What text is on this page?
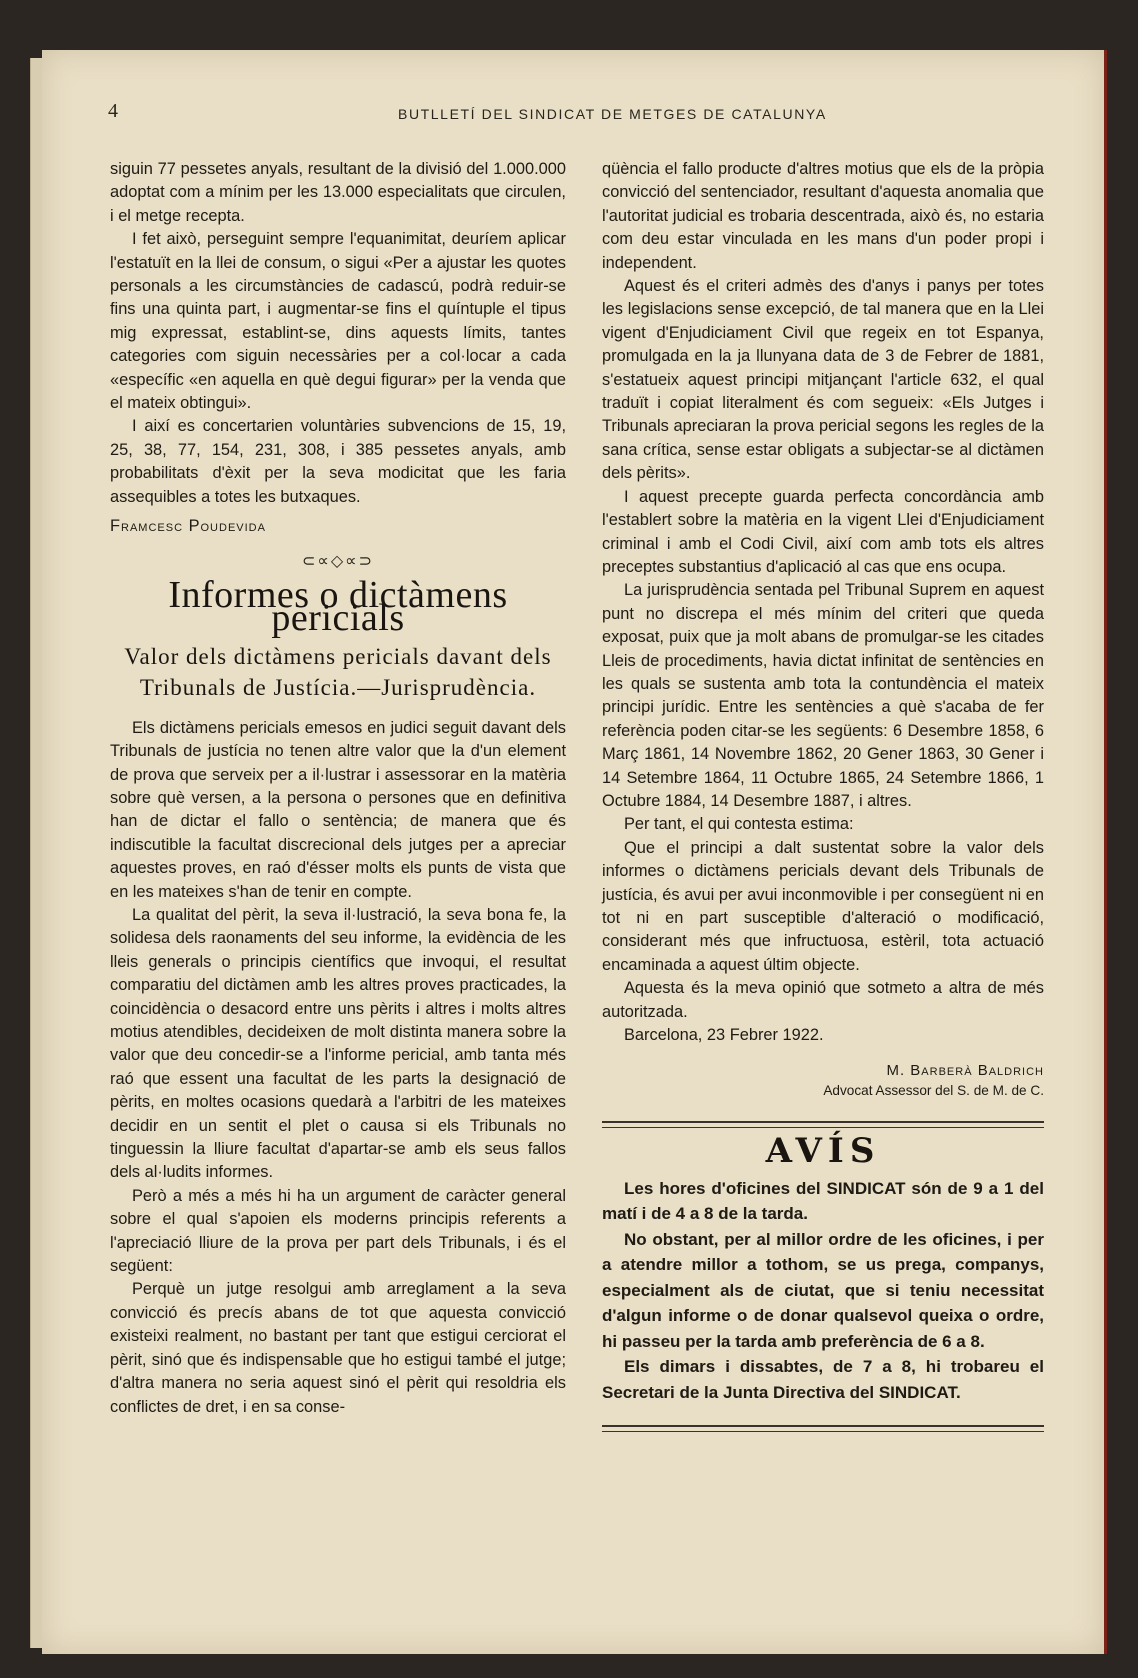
4	BUTLLETÍ DEL SINDICAT DE METGES DE CATALUNYA

siguin 77 pessetes anyals, resultant de la divisió del 1.000.000 adoptat com a mínim per les 13.000 especialitats que circulen, i el metge recepta.

I fet això, perseguint sempre l'equanimitat, deuríem aplicar l'estatuït en la llei de consum, o sigui «Per a ajustar les quotes personals a les circumstàncies de cadascú, podrà reduir-se fins una quinta part, i augmentar-se fins el quíntuple el tipus mig expressat, establint-se, dins aquests límits, tantes categories com siguin necessàries per a col·locar a cada «específic «en aquella en què degui figurar» per la venda que el mateix obtingui».

I així es concertarien voluntàries subvencions de 15, 19, 25, 38, 77, 154, 231, 308, i 385 pessetes anyals, amb probabilitats d'èxit per la seva modicitat que les faria assequibles a totes les butxaques.

Framcesc Poudevida

⊂∝◇∝⊃
Informes o dictàmens pericials
Valor dels dictàmens pericials davant dels Tribunals de Justícia.—Jurisprudència.

Els dictàmens pericials emesos en judici seguit davant dels Tribunals de justícia no tenen altre valor que la d'un element de prova que serveix per a il·lustrar i assessorar en la matèria sobre què versen, a la persona o persones que en definitiva han de dictar el fallo o sentència; de manera que és indiscutible la facultat discrecional dels jutges per a apreciar aquestes proves, en raó d'ésser molts els punts de vista que en les mateixes s'han de tenir en compte.

La qualitat del pèrit, la seva il·lustració, la seva bona fe, la solidesa dels raonaments del seu informe, la evidència de les lleis generals o principis científics que invoqui, el resultat comparatiu del dictàmen amb les altres proves practicades, la coincidència o desacord entre uns pèrits i altres i molts altres motius atendibles, decideixen de molt distinta manera sobre la valor que deu concedir-se a l'informe pericial, amb tanta més raó que essent una facultat de les parts la designació de pèrits, en moltes ocasions quedarà a l'arbitri de les mateixes decidir en un sentit el plet o causa si els Tribunals no tinguessin la lliure facultat d'apartar-se amb els seus fallos dels al·ludits informes.

Però a més a més hi ha un argument de caràcter general sobre el qual s'apoien els moderns principis referents a l'apreciació lliure de la prova per part dels Tribunals, i és el següent:

Perquè un jutge resolgui amb arreglament a la seva convicció és precís abans de tot que aquesta convicció existeixi realment, no bastant per tant que estigui cerciorat el pèrit, sinó que és indispensable que ho estigui també el jutge; d'altra manera no seria aquest sinó el pèrit qui resoldria els conflictes de dret, i en sa conse-

qüència el fallo producte d'altres motius que els de la pròpia convicció del sentenciador, resultant d'aquesta anomalia que l'autoritat judicial es trobaria descentrada, això és, no estaria com deu estar vinculada en les mans d'un poder propi i independent.

Aquest és el criteri admès des d'anys i panys per totes les legislacions sense excepció, de tal manera que en la Llei vigent d'Enjudiciament Civil que regeix en tot Espanya, promulgada en la ja llunyana data de 3 de Febrer de 1881, s'estatueix aquest principi mitjançant l'article 632, el qual traduït i copiat literalment és com segueix: «Els Jutges i Tribunals apreciaran la prova pericial segons les regles de la sana crítica, sense estar obligats a subjectar-se al dictàmen dels pèrits».

I aquest precepte guarda perfecta concordància amb l'establert sobre la matèria en la vigent Llei d'Enjudiciament criminal i amb el Codi Civil, així com amb tots els altres preceptes substantius d'aplicació al cas que ens ocupa.

La jurisprudència sentada pel Tribunal Suprem en aquest punt no discrepa el més mínim del criteri que queda exposat, puix que ja molt abans de promulgar-se les citades Lleis de procediments, havia dictat infinitat de sentències en les quals se sustenta amb tota la contundència el mateix principi jurídic. Entre les sentències a què s'acaba de fer referència poden citar-se les següents: 6 Desembre 1858, 6 Març 1861, 14 Novembre 1862, 20 Gener 1863, 30 Gener i 14 Setembre 1864, 11 Octubre 1865, 24 Setembre 1866, 1 Octubre 1884, 14 Desembre 1887, i altres.

Per tant, el qui contesta estima:

Que el principi a dalt sustentat sobre la valor dels informes o dictàmens pericials devant dels Tribunals de justícia, és avui per avui inconmovible i per consegüent ni en tot ni en part susceptible d'alteració o modificació, considerant més que infructuosa, estèril, tota actuació encaminada a aquest últim objecte.

Aquesta és la meva opinió que sotmeto a altra de més autoritzada.

Barcelona, 23 Febrer 1922.

M. Barberà Baldrich
Advocat Assessor del S. de M. de C.
AVÍS

Les hores d'oficines del SINDICAT són de 9 a 1 del matí i de 4 a 8 de la tarda.

No obstant, per al millor ordre de les oficines, i per a atendre millor a tothom, se us prega, companys, especialment als de ciutat, que si teniu necessitat d'algun informe o de donar qualsevol queixa o ordre, hi passeu per la tarda amb preferència de 6 a 8.

Els dimars i dissabtes, de 7 a 8, hi trobareu el Secretari de la Junta Directiva del SINDICAT.
